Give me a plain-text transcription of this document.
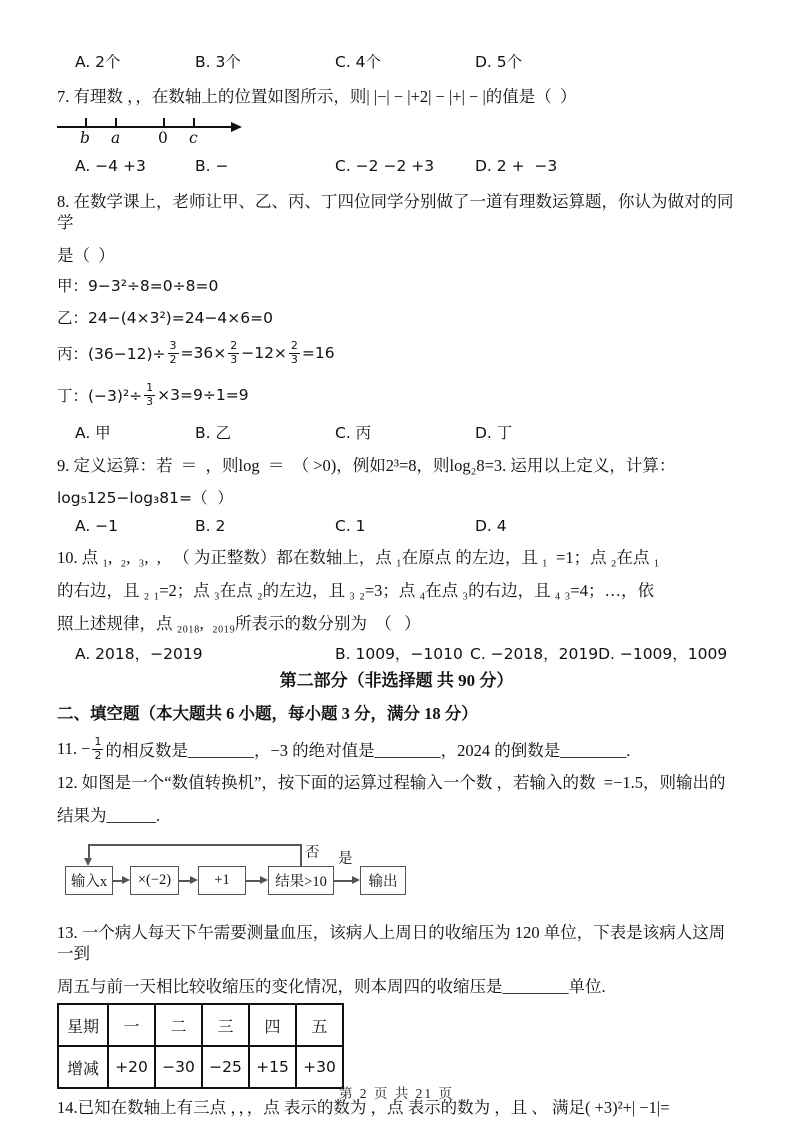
A. 2个	B. 3个	C. 4个	D. 5个
7. 有理数 ，，在数轴上的位置如图所示，则| |−| − |+2| − |+| − |的值是（  ）
b a 0 c
A. −4 +3	B. −	C. −2 −2 +3	D. 2 +  −3
8. 在数学课上，老师让甲、乙、丙、丁四位同学分别做了一道有理数运算题，你认为做对的同学
是（  ）
甲：9−3²÷8=0÷8=0
乙：24−(4×3²)=24−4×6=0
丙：$(36-12)\div \frac{3}{2} =36\times \frac{2}{3} -12\times \frac{2}{3} =16$
丁：$(-3)^2\div \frac{1}{3} \times 3=9\div 1=9$
A. 甲	B. 乙	C. 丙	D. 丁
9. 定义运算：若  ＝  ，则log  ＝  （ >0)，例如2³=8，则log₂8=3. 运用以上定义，计算：
log₅125−log₃81=（  ）
A. −1	B. 2	C. 1	D. 4
10. 点 ₁,  ₂,  ₃,  ,   （ 为正整数）都在数轴上，点 ₁在原点 的左边，且 ₁  =1；点 ₂在点 ₁
的右边，且 ₂ ₁=2；点 ₃在点 ₂的左边，且 ₃ ₂=3；点 ₄在点 ₃的右边，且 ₄ ₃=4；…，依
照上述规律，点 ₂₀₁₈,  ₂₀₁₉所表示的数分别为  （   ）
A. 2018，−2019	B. 1009，−1010 C. −2018，2019 D. −1009，1009
第二部分（非选择题 共 90 分）
二、填空题（本大题共 6 小题，每小题 3 分，满分 18 分）
11. − $\frac{1}{2}$ 的相反数是________，−3 的绝对值是________，2024 的倒数是________.
12. 如图是一个“数值转换机”，按下面的运算过程输入一个数 ，若输入的数  =−1.5，则输出的
结果为______.
否
输入x	×(−2)	+1	结果>10	输出
是
13. 一个病人每天下午需要测量血压，该病人上周日的收缩压为 120 单位，下表是该病人这周一到
周五与前一天相比较收缩压的变化情况，则本周四的收缩压是________单位.
星期	一	二	三	四	五
增减	+20	−30	−25	+15	+30
14.已知在数轴上有三点 ，，，点 表示的数为 ，点 表示的数为 ，且 、 满足( +3)²+| −1|=
第 2 页 共 21 页
